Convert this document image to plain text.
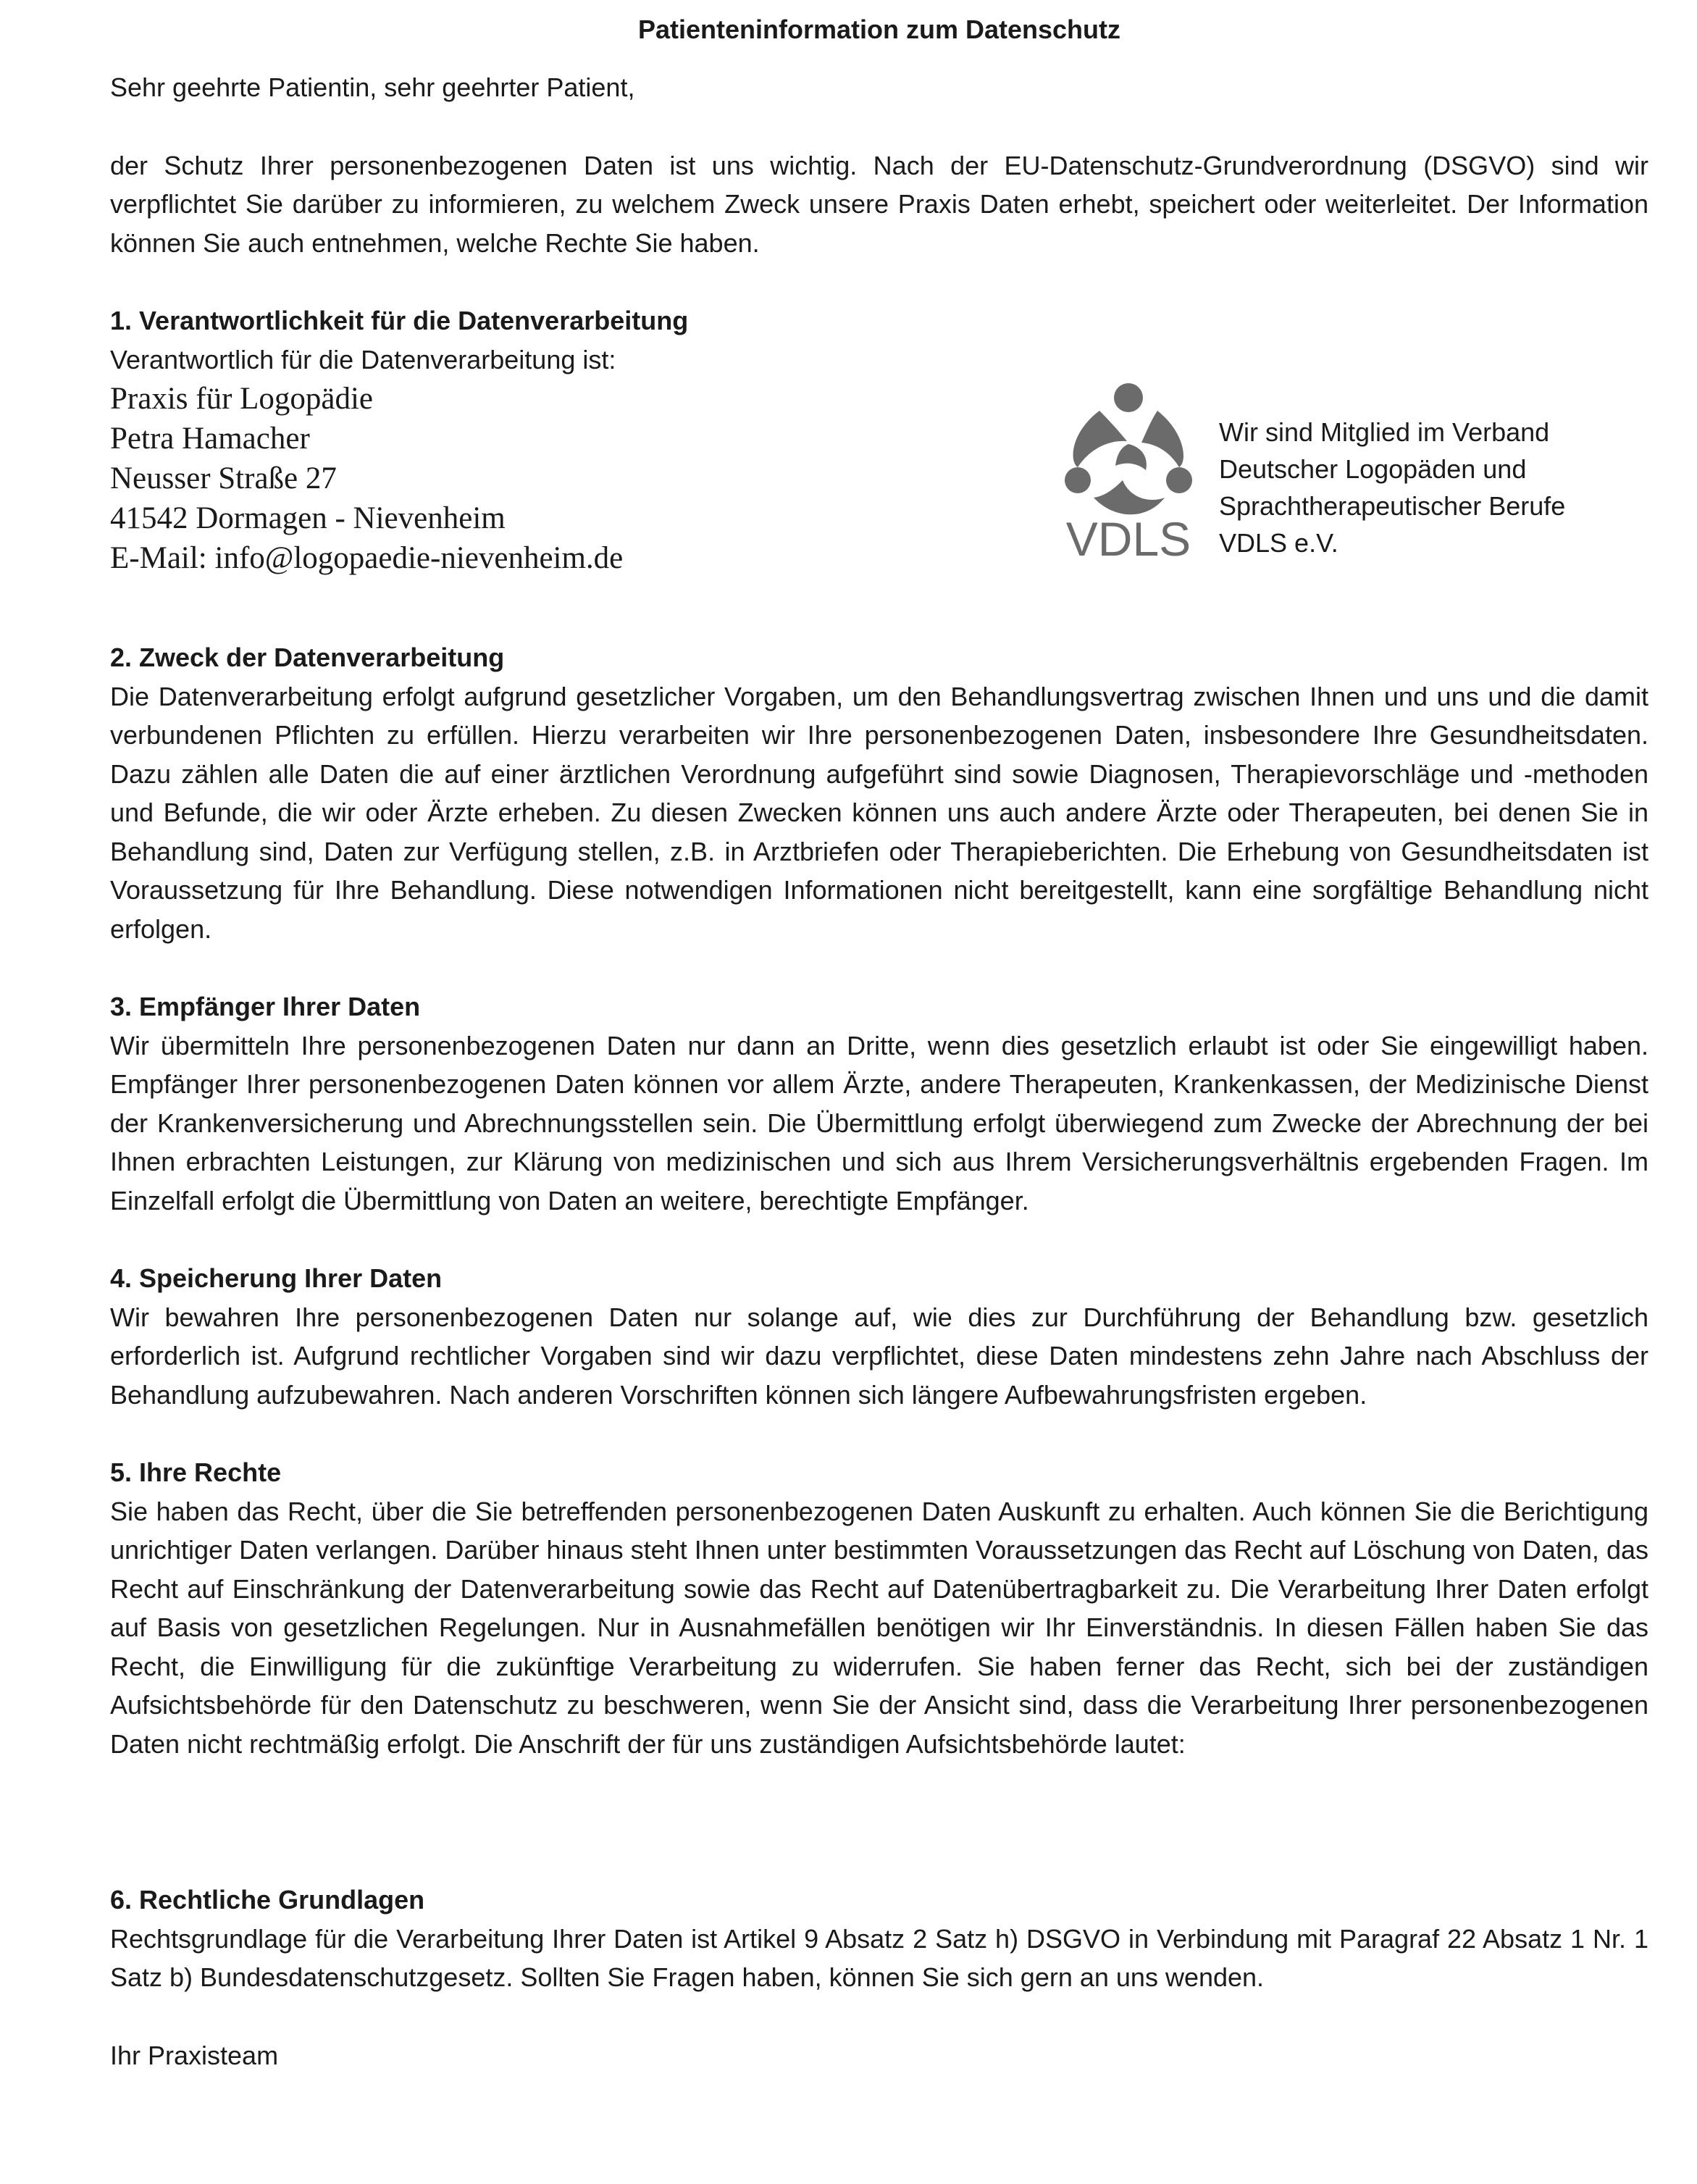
Patienteninformation zum Datenschutz

Sehr geehrte Patientin, sehr geehrter Patient,

der Schutz Ihrer personenbezogenen Daten ist uns wichtig. Nach der EU-Datenschutz-Grundverordnung (DSGVO) sind wir verpflichtet Sie darüber zu informieren, zu welchem Zweck unsere Praxis Daten erhebt, speichert oder weiterleitet. Der Information können Sie auch entnehmen, welche Rechte Sie haben.

1. Verantwortlichkeit für die Datenverarbeitung

Verantwortlich für die Datenverarbeitung ist:

Praxis für Logopädie
Petra Hamacher
Neusser Straße 27
41542 Dormagen - Nievenheim
E-Mail: info@logopaedie-nievenheim.de	VDLS
Wir sind Mitglied im Verband
Deutscher Logopäden und
Sprachtherapeutischer Berufe
VDLS e.V.
2. Zweck der Datenverarbeitung

Die Datenverarbeitung erfolgt aufgrund gesetzlicher Vorgaben, um den Behandlungsvertrag zwischen Ihnen und uns und die damit verbundenen Pflichten zu erfüllen. Hierzu verarbeiten wir Ihre personenbezogenen Daten, insbesondere Ihre Gesundheitsdaten. Dazu zählen alle Daten die auf einer ärztlichen Verordnung aufgeführt sind sowie Diagnosen, Therapievorschläge und -methoden und Befunde, die wir oder Ärzte erheben. Zu diesen Zwecken können uns auch andere Ärzte oder Therapeuten, bei denen Sie in Behandlung sind, Daten zur Verfügung stellen, z.B. in Arztbriefen oder Therapieberichten. Die Erhebung von Gesundheitsdaten ist Voraussetzung für Ihre Behandlung. Diese notwendigen Informationen nicht bereitgestellt, kann eine sorgfältige Behandlung nicht erfolgen.

3. Empfänger Ihrer Daten

Wir übermitteln Ihre personenbezogenen Daten nur dann an Dritte, wenn dies gesetzlich erlaubt ist oder Sie eingewilligt haben. Empfänger Ihrer personenbezogenen Daten können vor allem Ärzte, andere Therapeuten, Krankenkassen, der Medizinische Dienst der Krankenversicherung und Abrechnungsstellen sein. Die Übermittlung erfolgt überwiegend zum Zwecke der Abrechnung der bei Ihnen erbrachten Leistungen, zur Klärung von medizinischen und sich aus Ihrem Versicherungsverhältnis ergebenden Fragen. Im Einzelfall erfolgt die Übermittlung von Daten an weitere, berechtigte Empfänger.

4. Speicherung Ihrer Daten

Wir bewahren Ihre personenbezogenen Daten nur solange auf, wie dies zur Durchführung der Behandlung bzw. gesetzlich erforderlich ist. Aufgrund rechtlicher Vorgaben sind wir dazu verpflichtet, diese Daten mindestens zehn Jahre nach Abschluss der Behandlung aufzubewahren. Nach anderen Vorschriften können sich längere Aufbewahrungsfristen ergeben.

5. Ihre Rechte

Sie haben das Recht, über die Sie betreffenden personenbezogenen Daten Auskunft zu erhalten. Auch können Sie die Berichtigung unrichtiger Daten verlangen. Darüber hinaus steht Ihnen unter bestimmten Voraussetzungen das Recht auf Löschung von Daten, das Recht auf Einschränkung der Datenverarbeitung sowie das Recht auf Datenübertragbarkeit zu. Die Verarbeitung Ihrer Daten erfolgt auf Basis von gesetzlichen Regelungen. Nur in Ausnahmefällen benötigen wir Ihr Einverständnis. In diesen Fällen haben Sie das Recht, die Einwilligung für die zukünftige Verarbeitung zu widerrufen. Sie haben ferner das Recht, sich bei der zuständigen Aufsichtsbehörde für den Datenschutz zu beschweren, wenn Sie der Ansicht sind, dass die Verarbeitung Ihrer personenbezogenen Daten nicht rechtmäßig erfolgt. Die Anschrift der für uns zuständigen Aufsichtsbehörde lautet:

6. Rechtliche Grundlagen

Rechtsgrundlage für die Verarbeitung Ihrer Daten ist Artikel 9 Absatz 2 Satz h) DSGVO in Verbindung mit Paragraf 22 Absatz 1 Nr. 1 Satz b) Bundesdatenschutzgesetz. Sollten Sie Fragen haben, können Sie sich gern an uns wenden.

Ihr Praxisteam
